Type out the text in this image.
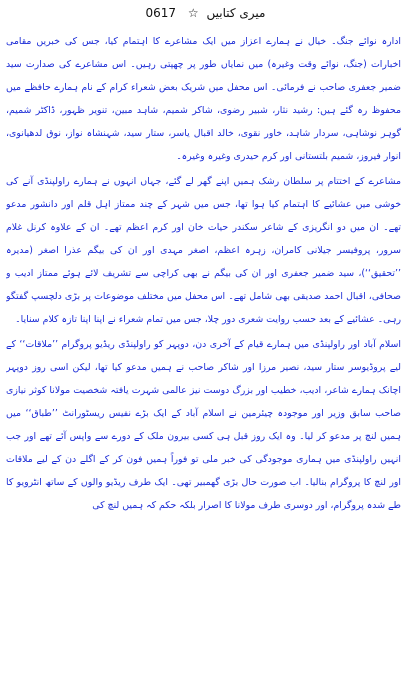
میری کتابیں ☆ 0617

ادارہ نوائے جنگ۔ خیال نے ہمارے اعزاز میں ایک مشاعرے کا اہتمام کیا، جس کی خبریں مقامی اخبارات (جنگ، نوائے وقت وغیرہ) میں نمایاں طور پر چھپتی رہیں۔ اس مشاعرے کی صدارت سید ضمیر جعفری صاحب نے فرمائی۔ اس محفل میں شریک بعض شعراء کرام کے نام ہمارے حافظے میں محفوظ رہ گئے ہیں: رشید نثار، شبیر رضوی، شاکر شمیم، شاہد مبین، تنویر ظہور، ڈاکٹر شمیم، گوہر نوشاہی، سردار شاہد، خاور نقوی، خالد اقبال یاسر، ستار سید، شہنشاہ نواز، نوق لدھیانوی، انوار فیروز، شمیم بلتستانی اور کرم حیدری وغیرہ وغیرہ۔

مشاعرے کے اختتام پر سلطان رشک ہمیں اپنے گھر لے گئے، جہاں انہوں نے ہمارے راولپنڈی آنے کی خوشی میں عشائیے کا اہتمام کیا ہوا تھا، جس میں شہر کے چند ممتاز اہل قلم اور دانشور مدعو تھے۔ ان میں دو انگریزی کے شاعر سکندر حیات خان اور کرم اعظم تھے۔ ان کے علاوہ کرنل غلام سرور، پروفیسر جیلانی کامران، زہرہ اعظم، اصغر مہدی اور ان کی بیگم عذرا اصغر (مدیرہ ’’تحقیق‘‘)، سید ضمیر جعفری اور ان کی بیگم نے بھی کراچی سے تشریف لائے ہوئے ممتاز ادیب و صحافی، اقبال احمد صدیقی بھی شامل تھے۔ اس محفل میں مختلف موضوعات پر بڑی دلچسپ گفتگو رہی۔ عشائیے کے بعد حسب روایت شعری دور چلا، جس میں تمام شعراء نے اپنا اپنا تازہ کلام سنایا۔

اسلام آباد اور راولپنڈی میں ہمارے قیام کے آخری دن، دوپہر کو راولپنڈی ریڈیو پروگرام ’’ملاقات‘‘ کے لیے پروڈیوسر ستار سید، نصیر مرزا اور شاکر صاحب نے ہمیں مدعو کیا تھا، لیکن اسی روز دوپہر اچانک ہمارے شاعر، ادیب، خطیب اور بزرگ دوست نیز عالمی شہرت یافتہ شخصیت مولانا کوثر نیازی صاحب سابق وزیر اور موجودہ چیئرمین نے اسلام آباد کے ایک بڑے نفیس ریسٹورانٹ ’’طباق‘‘ میں ہمیں لنچ پر مدعو کر لیا۔ وہ ایک روز قبل ہی کسی بیرون ملک کے دورے سے واپس آئے تھے اور جب انہیں راولپنڈی میں ہماری موجودگی کی خبر ملی تو فوراً ہمیں فون کر کے اگلے دن کے لیے ملاقات اور لنچ کا پروگرام بنالیا۔ اب صورت حال بڑی گھمبیر تھی۔ ایک طرف ریڈیو والوں کے ساتھ انٹرویو کا طے شدہ پروگرام، اور دوسری طرف مولانا کا اصرار بلکہ حکم کہ ہمیں لنچ کی
